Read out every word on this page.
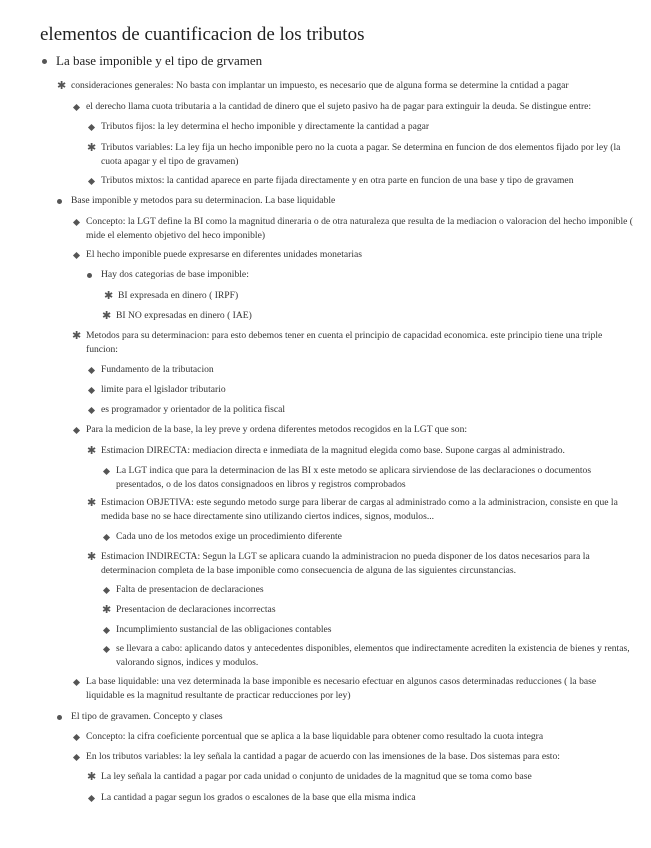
elementos de cuantificacion de los tributos
La base imponible y el tipo de grvamen
✱ consideraciones generales: No basta con implantar un impuesto, es necesario que de alguna forma se determine la cntidad a pagar
el derecho llama cuota tributaria a la cantidad de dinero que el sujeto pasivo ha de pagar para extinguir la deuda. Se distingue entre:
Tributos fijos: la ley determina el hecho imponible y directamente la cantidad a pagar
✱ Tributos variables: La ley fija un hecho imponible pero no la cuota a pagar. Se determina en funcion de dos elementos fijado por ley (la cuota apagar y el tipo de gravamen)
Tributos mixtos: la cantidad aparece en parte fijada directamente y en otra parte en funcion de una base y tipo de gravamen
Base imponible y metodos para su determinacion. La base liquidable
Concepto: la LGT define la BI como la magnitud dineraria o de otra naturaleza que resulta de la mediacion o valoracion del hecho imponible ( mide el elemento objetivo del heco imponible)
El hecho imponible puede expresarse en diferentes unidades monetarias
Hay dos categorias de base imponible:
✱ BI expresada en dinero ( IRPF)
✱ BI NO expresadas en dinero ( IAE)
✱ Metodos para su determinacion: para esto debemos tener en cuenta el principio de capacidad economica. este principio tiene una triple funcion:
Fundamento de la tributacion
limite para el lgislador tributario
es programador y orientador de la politica fiscal
Para la medicion de la base, la ley preve y ordena diferentes metodos recogidos en la LGT que son:
✱ Estimacion DIRECTA: mediacion directa e inmediata de la magnitud elegida como base. Supone cargas al administrado.
La LGT indica que para la determinacion de las BI x este metodo se aplicara sirviendose de las declaraciones o documentos presentados, o de los datos consignadoos en libros y registros comprobados
✱ Estimacion OBJETIVA: este segundo metodo surge para liberar de cargas al administrado como a la administracion, consiste en que la medida base no se hace directamente sino utilizando ciertos indices, signos, modulos...
Cada uno de los metodos exige un procedimiento diferente
✱ Estimacion INDIRECTA: Segun la LGT se aplicara cuando la administracion no pueda disponer de los datos necesarios para la determinacion completa de la base imponible como consecuencia de alguna de las siguientes circunstancias.
Falta de presentacion de declaraciones
✱ Presentacion de declaraciones incorrectas
Incumplimiento sustancial de las obligaciones contables
se llevara a cabo: aplicando datos y antecedentes disponibles, elementos que indirectamente acrediten la existencia de bienes y rentas, valorando signos, indices y modulos.
La base liquidable: una vez determinada la base imponible es necesario efectuar en algunos casos determinadas reducciones ( la base liquidable es la magnitud resultante de practicar reducciones por ley)
El tipo de gravamen. Concepto y clases
Concepto: la cifra coeficiente porcentual que se aplica a la base liquidable para obtener como resultado la cuota integra
En los tributos variables: la ley señala la cantidad a pagar de acuerdo con las imensiones de la base. Dos sistemas para esto:
✱ La ley señala la cantidad a pagar por cada unidad o conjunto de unidades de la magnitud que se toma como base
La cantidad a pagar segun los grados o escalones de la base que ella misma indica
